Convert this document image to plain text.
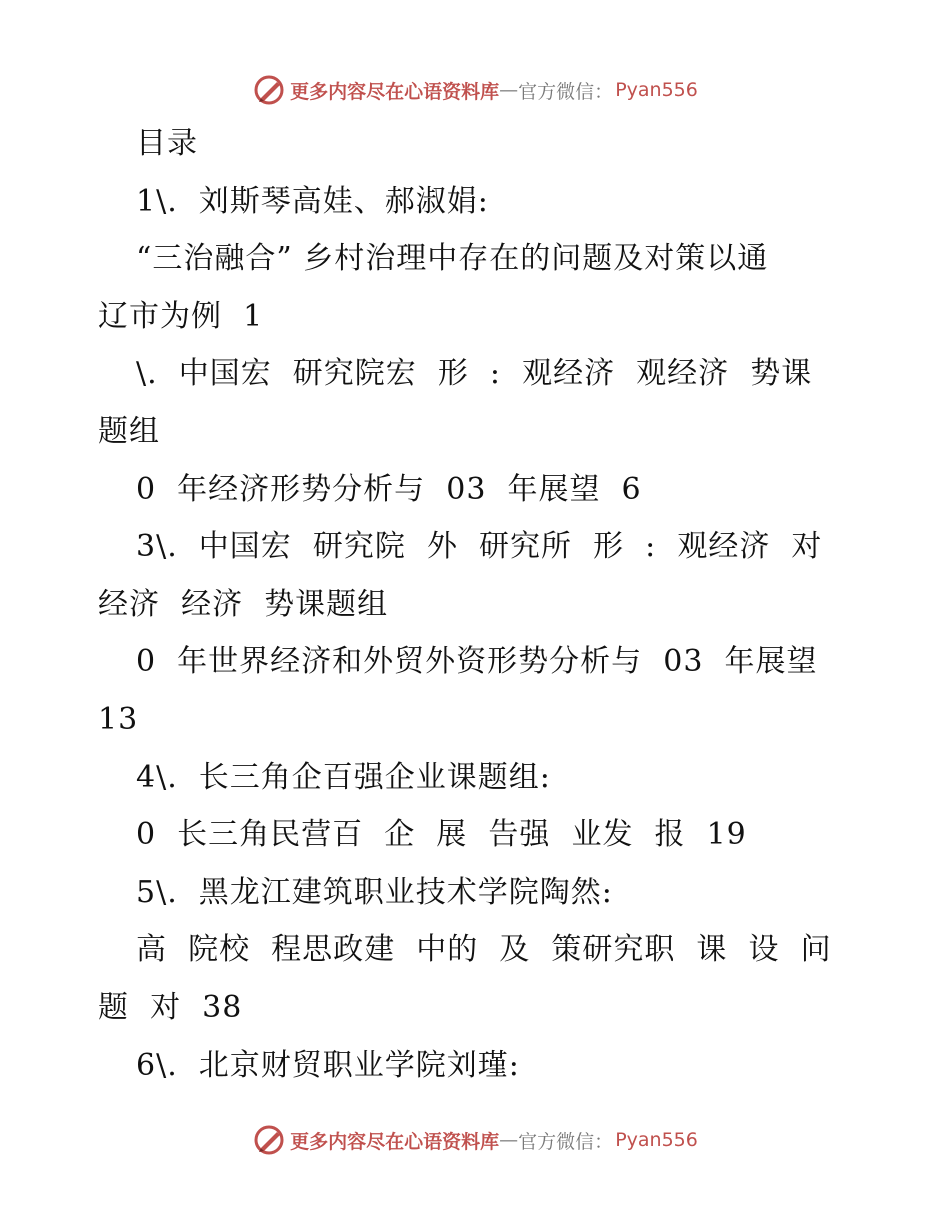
更多内容尽在心语资料库 — 官方微信： Pyan556
目录
1\.  刘斯琴高娃、郝淑娟:
“三治融合” 乡村治理中存在的问题及对策以通
辽市为例  1
\.  中国宏  研究院宏  形  :  观经济  观经济  势课
题组
0  年经济形势分析与  03  年展望  6
3\.  中国宏  研究院  外  研究所  形  :  观经济  对
经济  经济  势课题组
0  年世界经济和外贸外资形势分析与  03  年展望
13
4\.  长三角企百强企业课题组:
0  长三角民营百  企  展  告强  业发  报  19
5\.  黑龙江建筑职业技术学院陶然:
高  院校  程思政建  中的  及  策研究职  课  设  问
题  对  38
6\.  北京财贸职业学院刘瑾:
更多内容尽在心语资料库 — 官方微信： Pyan556
